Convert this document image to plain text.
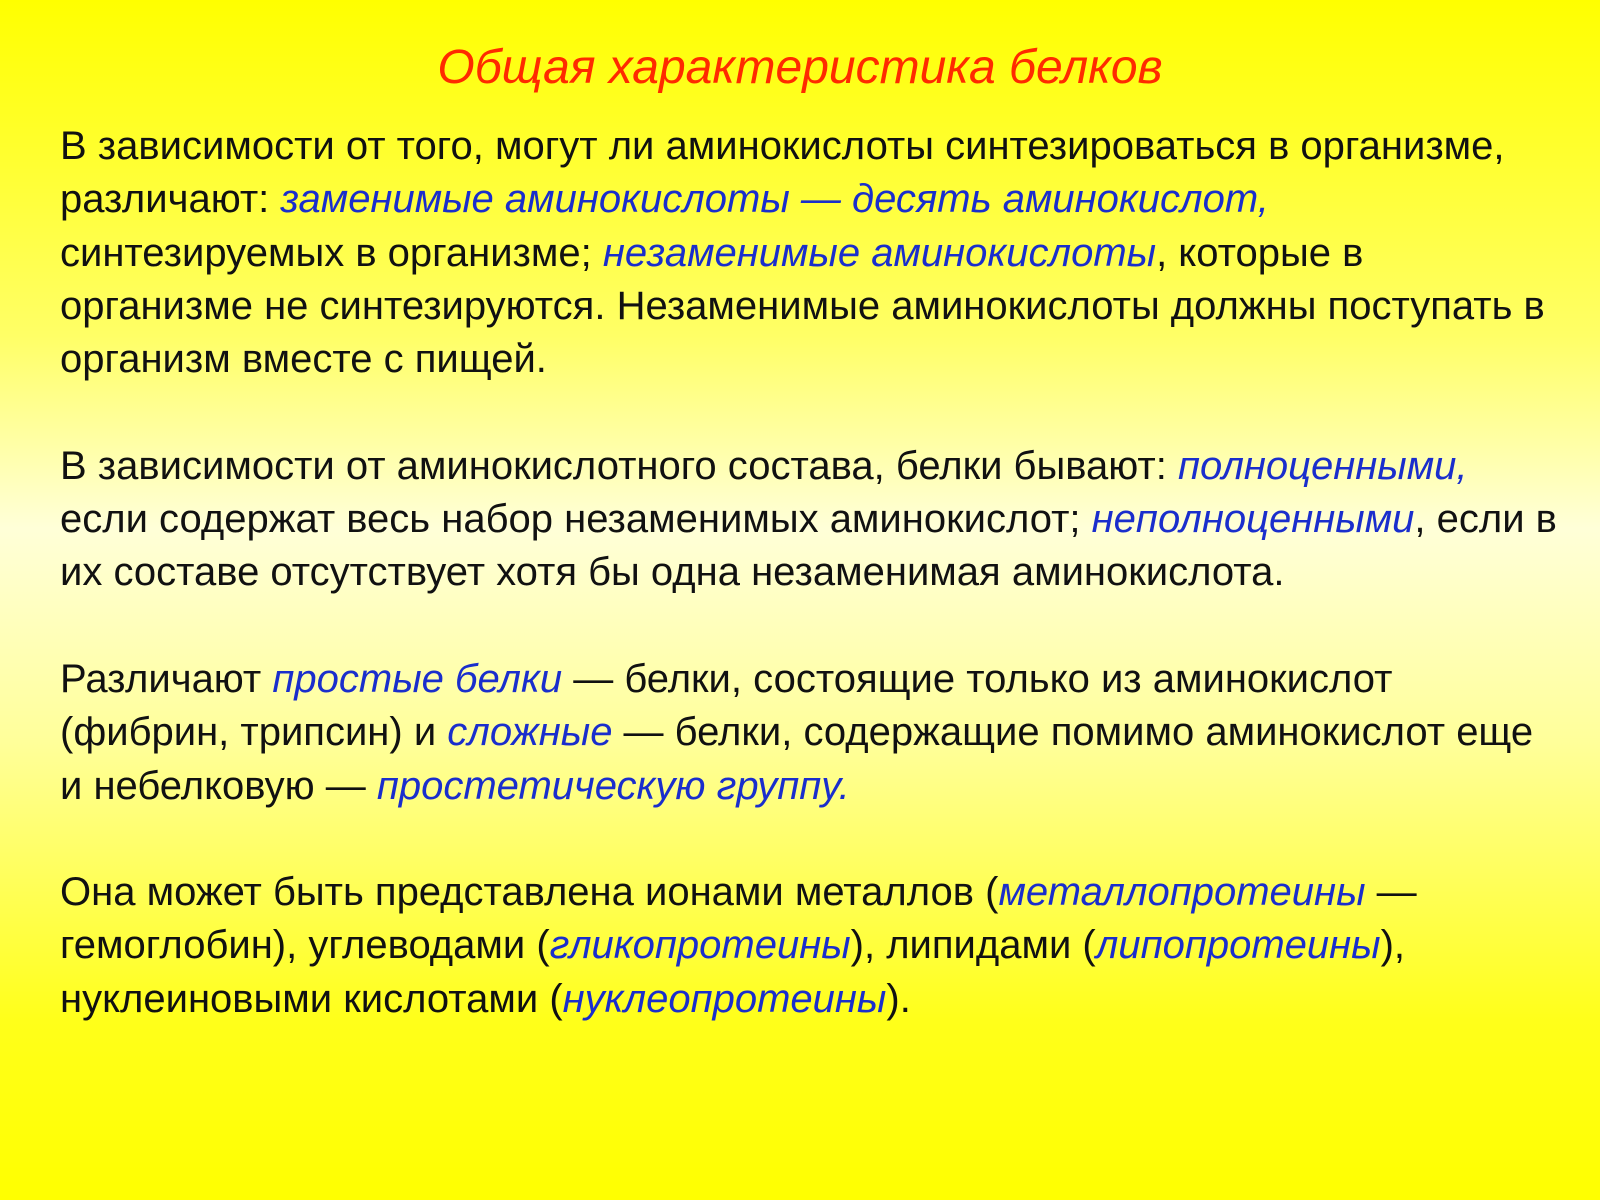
Общая характеристика белков

В зависимости от того, могут ли аминокислоты синтезироваться в организме, различают: заменимые аминокислоты — десять аминокислот, синтезируемых в организме; незаменимые аминокислоты, которые в организме не синтезируются. Незаменимые аминокислоты должны поступать в организм вместе с пищей.

В зависимости от аминокислотного состава, белки бывают: полноценными, если содержат весь набор незаменимых аминокислот; неполноценными, если в их составе отсутствует хотя бы одна незаменимая аминокислота.

Различают простые белки — белки, состоящие только из аминокислот (фибрин, трипсин) и сложные — белки, содержащие помимо аминокислот еще и небелковую — простетическую группу.

Она может быть представлена ионами металлов (металлопротеины — гемоглобин), углеводами (гликопротеины), липидами (липопротеины), нуклеиновыми кислотами (нуклеопротеины).
